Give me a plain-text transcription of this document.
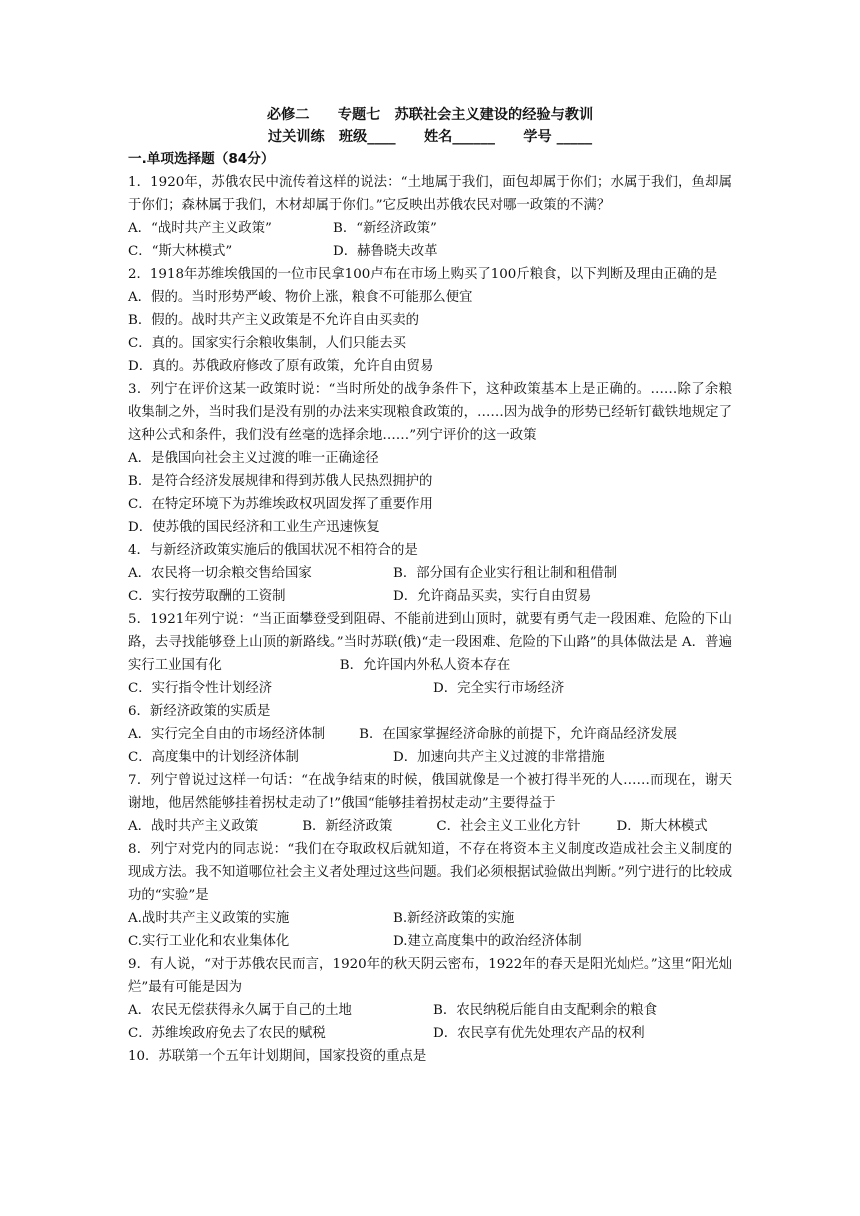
必修二　　专题七　苏联社会主义建设的经验与教训
过关训练　班级____　　姓名______　　学号 _____
一.单项选择题（84分）
1．1920年，苏俄农民中流传着这样的说法：“土地属于我们，面包却属于你们；水属于我们，鱼却属于你们；森林属于我们，木材却属于你们。”它反映出苏俄农民对哪一政策的不满？
A．“战时共产主义政策”	B．“新经济政策”
C．“斯大林模式”	D．赫鲁晓夫改革
2．1918年苏维埃俄国的一位市民拿100卢布在市场上购买了100斤粮食，以下判断及理由正确的是
A．假的。当时形势严峻、物价上涨，粮食不可能那么便宜
B．假的。战时共产主义政策是不允许自由买卖的
C．真的。国家实行余粮收集制，人们只能去买
D．真的。苏俄政府修改了原有政策，允许自由贸易
3．列宁在评价这某一政策时说：“当时所处的战争条件下，这种政策基本上是正确的。……除了余粮收集制之外，当时我们是没有别的办法来实现粮食政策的，……因为战争的形势已经斩钉截铁地规定了这种公式和条件，我们没有丝毫的选择余地……”列宁评价的这一政策
A．是俄国向社会主义过渡的唯一正确途径
B．是符合经济发展规律和得到苏俄人民热烈拥护的
C．在特定环境下为苏维埃政权巩固发挥了重要作用
D．使苏俄的国民经济和工业生产迅速恢复
4．与新经济政策实施后的俄国状况不相符合的是
A．农民将一切余粮交售给国家	B．部分国有企业实行租让制和租借制
C．实行按劳取酬的工资制	D．允许商品买卖，实行自由贸易
5．1921年列宁说：“当正面攀登受到阻碍、不能前进到山顶时，就要有勇气走一段困难、危险的下山路，去寻找能够登上山顶的新路线。”当时苏联(俄)“走一段困难、危险的下山路”的具体做法是 A．普遍实行工业国有化	B．允许国内外私人资本存在
C．实行指令性计划经济	D．完全实行市场经济
6．新经济政策的实质是
A．实行完全自由的市场经济体制	B．在国家掌握经济命脉的前提下，允许商品经济发展
C．高度集中的计划经济体制	D．加速向共产主义过渡的非常措施
7．列宁曾说过这样一句话：“在战争结束的时候，俄国就像是一个被打得半死的人……而现在，谢天谢地，他居然能够挂着拐杖走动了!”俄国“能够挂着拐杖走动”主要得益于
A．战时共产主义政策	B．新经济政策	C．社会主义工业化方针	D．斯大林模式
8．列宁对党内的同志说：“我们在夺取政权后就知道，不存在将资本主义制度改造成社会主义制度的现成方法。我不知道哪位社会主义者处理过这些问题。我们必须根据试验做出判断。”列宁进行的比较成功的“实验”是
A.战时共产主义政策的实施	B.新经济政策的实施
C.实行工业化和农业集体化	D.建立高度集中的政治经济体制
9．有人说，“对于苏俄农民而言，1920年的秋天阴云密布，1922年的春天是阳光灿烂。”这里“阳光灿烂”最有可能是因为
A．农民无偿获得永久属于自己的土地	B．农民纳税后能自由支配剩余的粮食
C．苏维埃政府免去了农民的赋税	D．农民享有优先处理农产品的权利
10．苏联第一个五年计划期间，国家投资的重点是
